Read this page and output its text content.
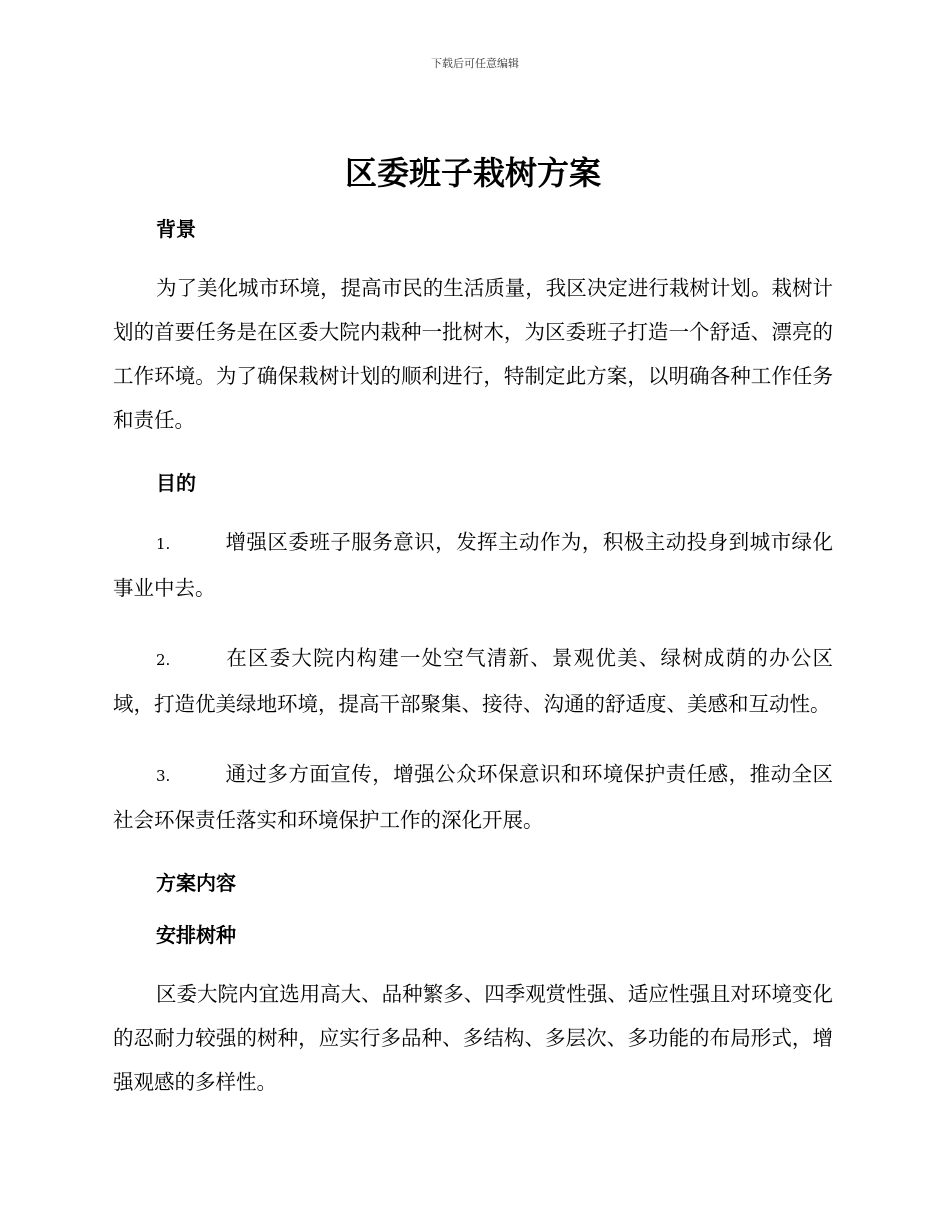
下载后可任意编辑
区委班子栽树方案
背景

为了美化城市环境，提高市民的生活质量，我区决定进行栽树计划。栽树计划的首要任务是在区委大院内栽种一批树木，为区委班子打造一个舒适、漂亮的工作环境。为了确保栽树计划的顺利进行，特制定此方案，以明确各种工作任务和责任。

目的

1.	增强区委班子服务意识，发挥主动作为，积极主动投身到城市绿化事业中去。

2.	在区委大院内构建一处空气清新、景观优美、绿树成荫的办公区域，打造优美绿地环境，提高干部聚集、接待、沟通的舒适度、美感和互动性。

3.	通过多方面宣传，增强公众环保意识和环境保护责任感，推动全区社会环保责任落实和环境保护工作的深化开展。

方案内容
安排树种

区委大院内宜选用高大、品种繁多、四季观赏性强、适应性强且对环境变化的忍耐力较强的树种，应实行多品种、多结构、多层次、多功能的布局形式，增强观感的多样性。
